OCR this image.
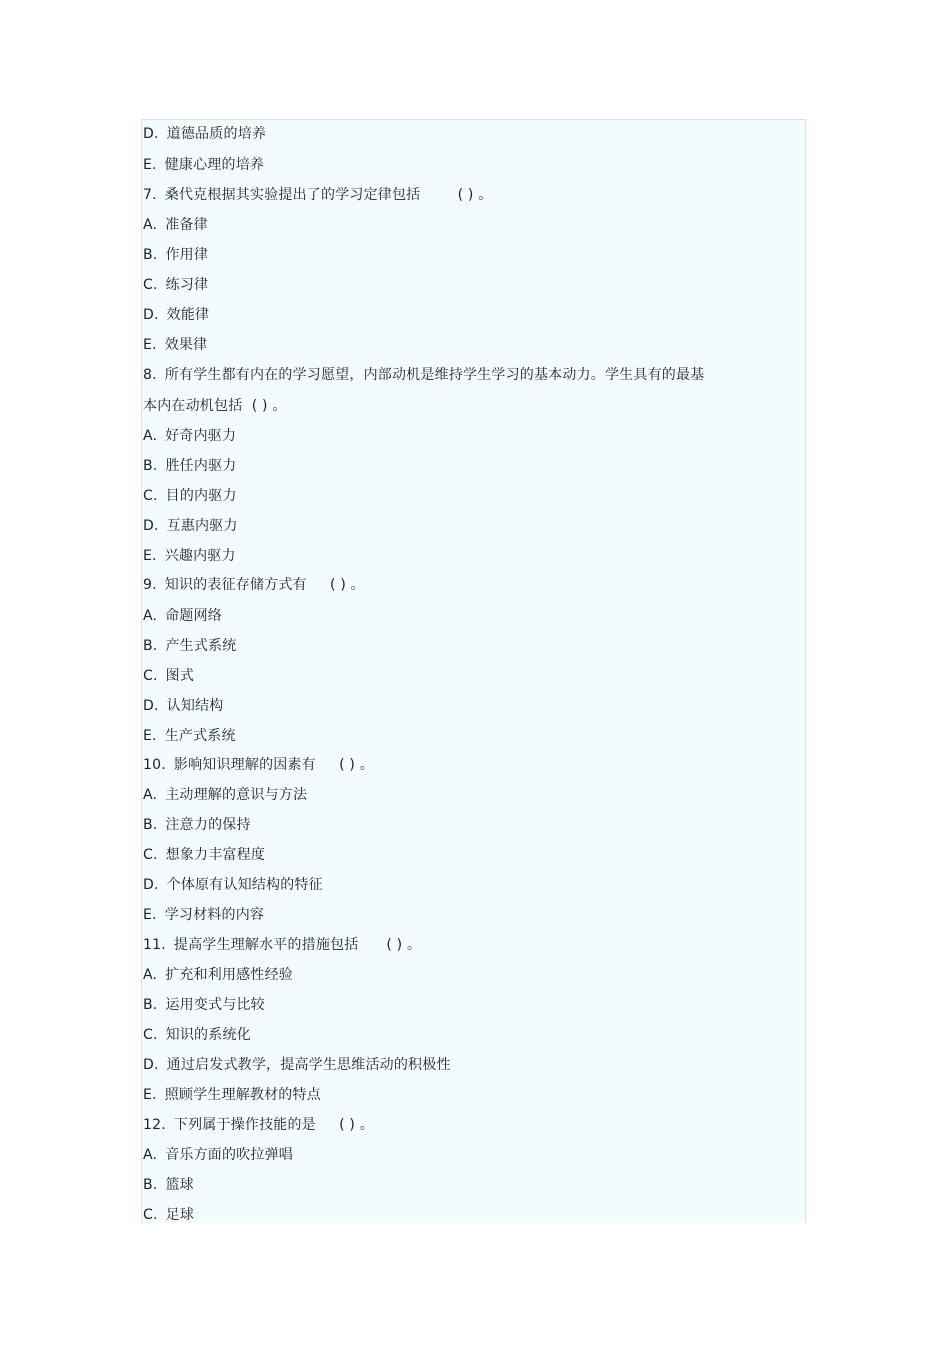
D. 道德品质的培养
E. 健康心理的培养
7. 桑代克根据其实验提出了的学习定律包括        ( ) 。
A. 准备律
B. 作用律
C. 练习律
D. 效能律
E. 效果律
8. 所有学生都有内在的学习愿望，内部动机是维持学生学习的基本动力。学生具有的最基
本内在动机包括  ( ) 。
A. 好奇内驱力
B. 胜任内驱力
C. 目的内驱力
D. 互惠内驱力
E. 兴趣内驱力
9. 知识的表征存储方式有     ( ) 。
A. 命题网络
B. 产生式系统
C. 图式
D. 认知结构
E. 生产式系统
10. 影响知识理解的因素有     ( ) 。
A. 主动理解的意识与方法
B. 注意力的保持
C. 想象力丰富程度
D. 个体原有认知结构的特征
E. 学习材料的内容
11. 提高学生理解水平的措施包括      ( ) 。
A. 扩充和利用感性经验
B. 运用变式与比较
C. 知识的系统化
D. 通过启发式教学，提高学生思维活动的积极性
E. 照顾学生理解教材的特点
12. 下列属于操作技能的是     ( ) 。
A. 音乐方面的吹拉弹唱
B. 篮球
C. 足球
